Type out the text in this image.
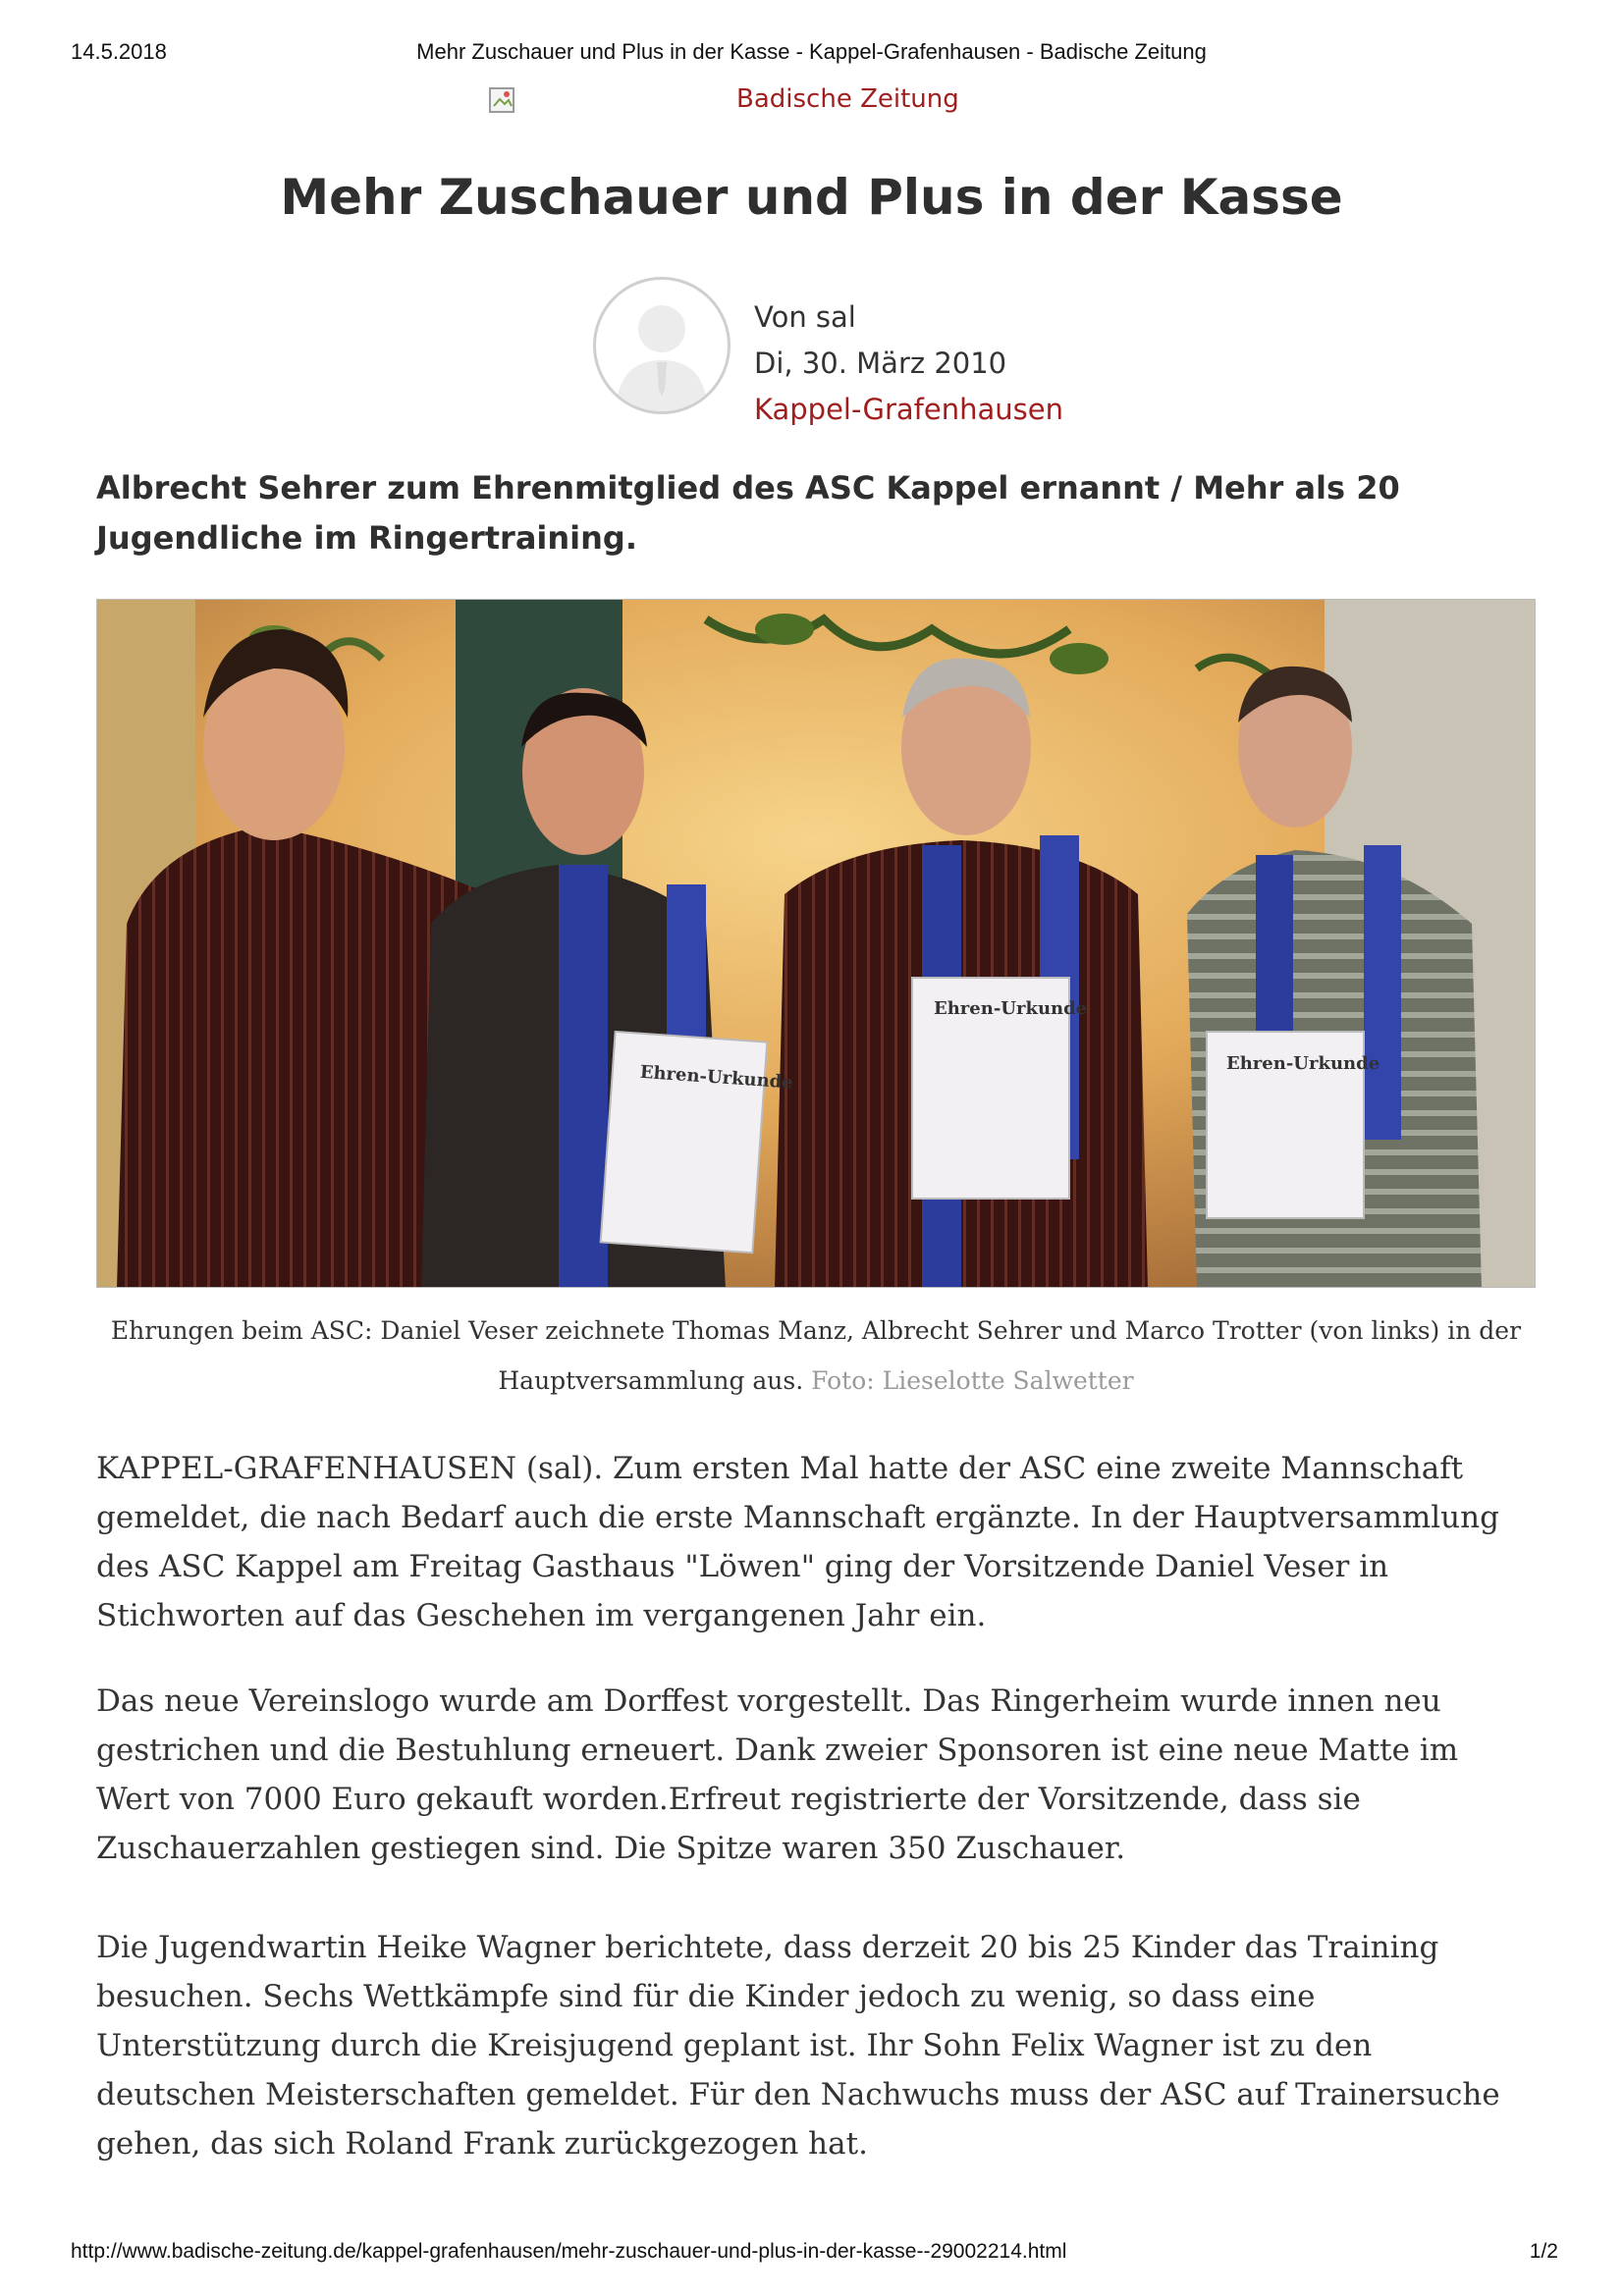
14.5.2018	Mehr Zuschauer und Plus in der Kasse - Kappel-Grafenhausen - Badische Zeitung
Badische Zeitung
Mehr Zuschauer und Plus in der Kasse
Von sal
Di, 30. März 2010
Kappel-Grafenhausen

Albrecht Sehrer zum Ehrenmitglied des ASC Kappel ernannt / Mehr als 20 Jugendliche im Ringertraining.

Ehren-Urkunde
Ehren-Urkunde
Ehren-Urkunde
Ehrungen beim ASC: Daniel Veser zeichnete Thomas Manz, Albrecht Sehrer und Marco Trotter (von links) in der Hauptversammlung aus. Foto: Lieselotte Salwetter

KAPPEL-GRAFENHAUSEN (sal). Zum ersten Mal hatte der ASC eine zweite Mannschaft gemeldet, die nach Bedarf auch die erste Mannschaft ergänzte. In der Hauptversammlung des ASC Kappel am Freitag Gasthaus "Löwen" ging der Vorsitzende Daniel Veser in Stichworten auf das Geschehen im vergangenen Jahr ein.

Das neue Vereinslogo wurde am Dorffest vorgestellt. Das Ringerheim wurde innen neu gestrichen und die Bestuhlung erneuert. Dank zweier Sponsoren ist eine neue Matte im Wert von 7000 Euro gekauft worden.Erfreut registrierte der Vorsitzende, dass sie Zuschauerzahlen gestiegen sind. Die Spitze waren 350 Zuschauer.

Die Jugendwartin Heike Wagner berichtete, dass derzeit 20 bis 25 Kinder das Training besuchen. Sechs Wettkämpfe sind für die Kinder jedoch zu wenig, so dass eine Unterstützung durch die Kreisjugend geplant ist. Ihr Sohn Felix Wagner ist zu den deutschen Meisterschaften gemeldet. Für den Nachwuchs muss der ASC auf Trainersuche gehen, das sich Roland Frank zurückgezogen hat.

http://www.badische-zeitung.de/kappel-grafenhausen/mehr-zuschauer-und-plus-in-der-kasse--29002214.html	1/2
